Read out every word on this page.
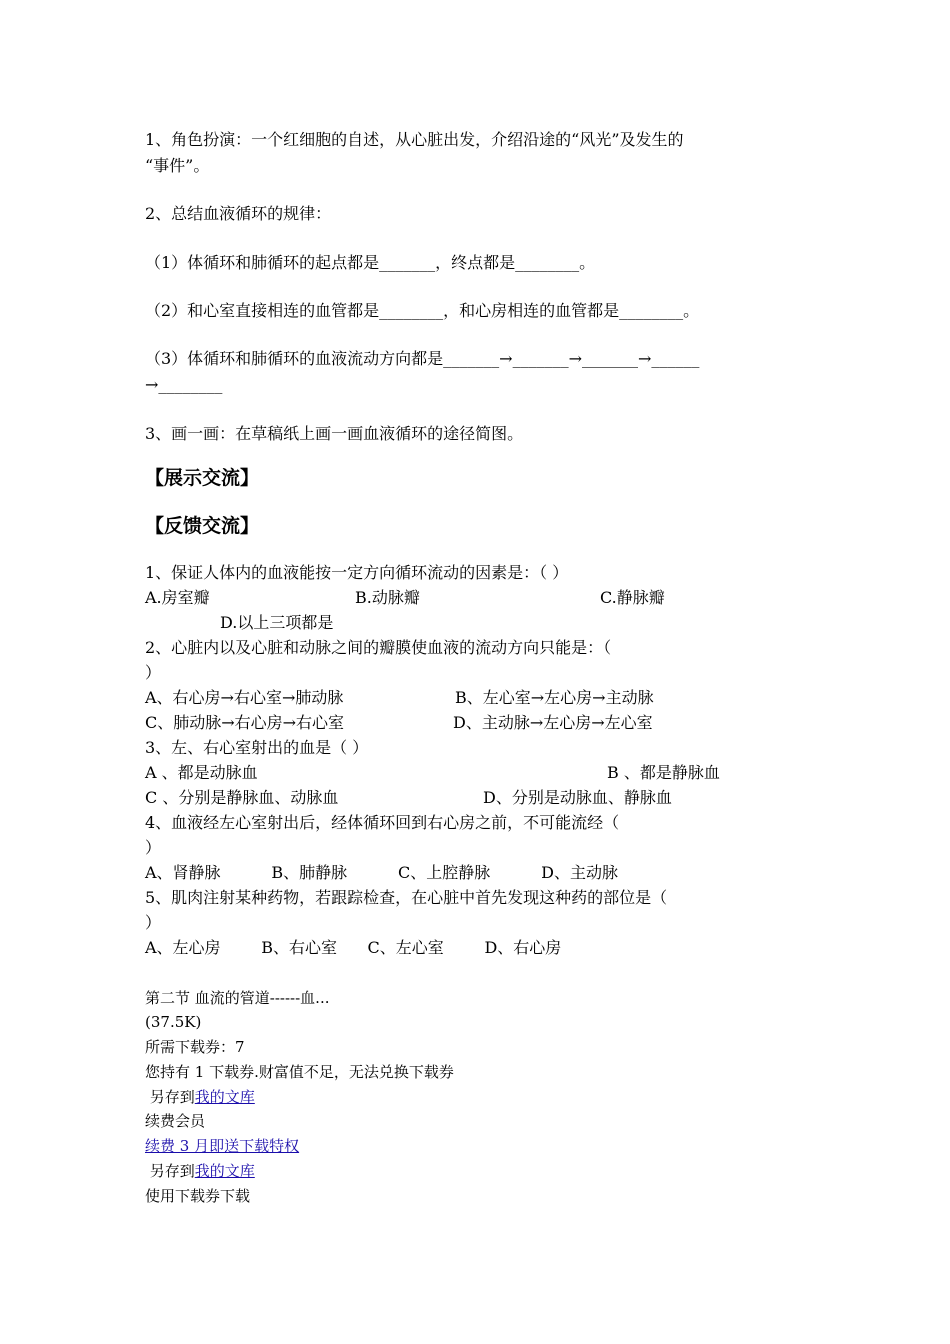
1、角色扮演：一个红细胞的自述，从心脏出发，介绍沿途的“风光”及发生的
“事件”。
2、总结血液循环的规律：
（1）体循环和肺循环的起点都是_______，终点都是________。
（2）和心室直接相连的血管都是________，和心房相连的血管都是________。
（3）体循环和肺循环的血液流动方向都是_______→_______→_______→______
→________
3、画一画：在草稿纸上画一画血液循环的途径简图。
【展示交流】
【反馈交流】
1、保证人体内的血液能按一定方向循环流动的因素是：（ ）
A.房室瓣	B.动脉瓣	C.静脉瓣
D.以上三项都是
2、心脏内以及心脏和动脉之间的瓣膜使血液的流动方向只能是：（
）
A、右心房→右心室→肺动脉	B、左心室→左心房→主动脉
C、肺动脉→右心房→右心室	D、主动脉→左心房→左心室
3、左、右心室射出的血是（ ）
A 、都是动脉血	B 、都是静脉血
C 、分别是静脉血、动脉血	D、分别是动脉血、静脉血
4、血液经左心室射出后，经体循环回到右心房之前，不可能流经（
）
A、肾静脉          B、肺静脉          C、上腔静脉          D、主动脉
5、肌肉注射某种药物，若跟踪检查，在心脏中首先发现这种药的部位是（
）
A、左心房        B、右心室      C、左心室        D、右心房
第二节 血流的管道------血...
(37.5K)
所需下载券：7
您持有 1 下载券.财富值不足，无法兑换下载券
另存到我的文库
续费会员
续费 3 月即送下载特权
另存到我的文库
使用下载券下载
